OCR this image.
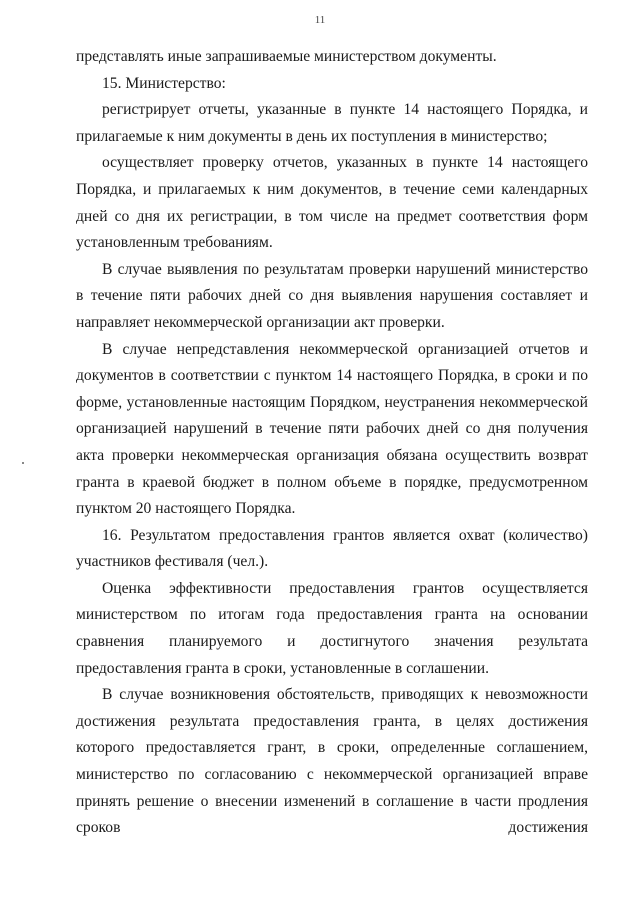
11

представлять иные запрашиваемые министерством документы.

15. Министерство:

регистрирует отчеты, указанные в пункте 14 настоящего Порядка, и прилагаемые к ним документы в день их поступления в министерство;

осуществляет проверку отчетов, указанных в пункте 14 настоящего Порядка, и прилагаемых к ним документов, в течение семи календарных дней со дня их регистрации, в том числе на предмет соответствия форм установленным требованиям.

В случае выявления по результатам проверки нарушений министерство в течение пяти рабочих дней со дня выявления нарушения составляет и направляет некоммерческой организации акт проверки.

В случае непредставления некоммерческой организацией отчетов и документов в соответствии с пунктом 14 настоящего Порядка, в сроки и по форме, установленные настоящим Порядком, неустранения некоммерческой организацией нарушений в течение пяти рабочих дней со дня получения акта проверки некоммерческая организация обязана осуществить возврат гранта в краевой бюджет в полном объеме в порядке, предусмотренном пунктом 20 настоящего Порядка.

16. Результатом предоставления грантов является охват (количество) участников фестиваля (чел.).

Оценка эффективности предоставления грантов осуществляется министерством по итогам года предоставления гранта на основании сравнения планируемого и достигнутого значения результата предоставления гранта в сроки, установленные в соглашении.

В случае возникновения обстоятельств, приводящих к невозможности достижения результата предоставления гранта, в целях достижения которого предоставляется грант, в сроки, определенные соглашением, министерство по согласованию с некоммерческой организацией вправе принять решение о внесении изменений в соглашение в части продления сроков достижения
